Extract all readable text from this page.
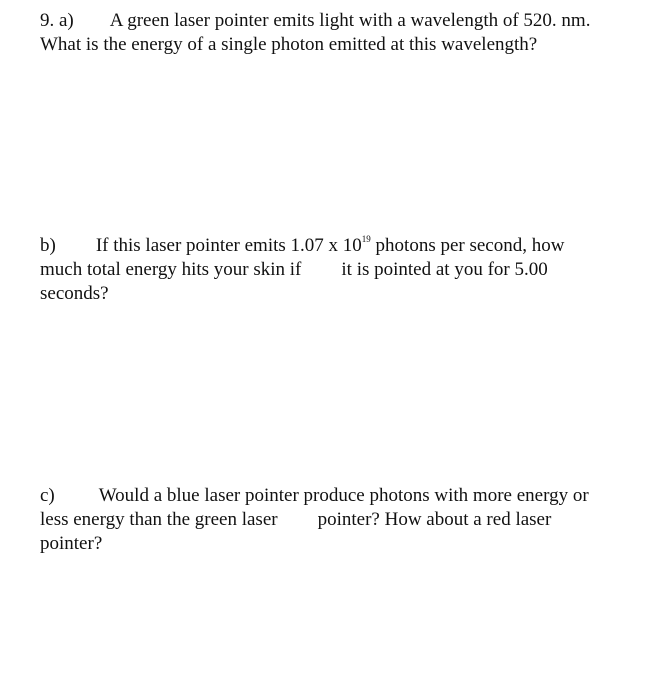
9. a) A green laser pointer emits light with a wavelength of 520. nm.
What is the energy of a single photon emitted at this wavelength?
b) If this laser pointer emits 1.07 x $10^{19}$ photons per second, how
much total energy hits your skin if it is pointed at you for 5.00
seconds?
c) Would a blue laser pointer produce photons with more energy or
less energy than the green laser pointer? How about a red laser
pointer?
